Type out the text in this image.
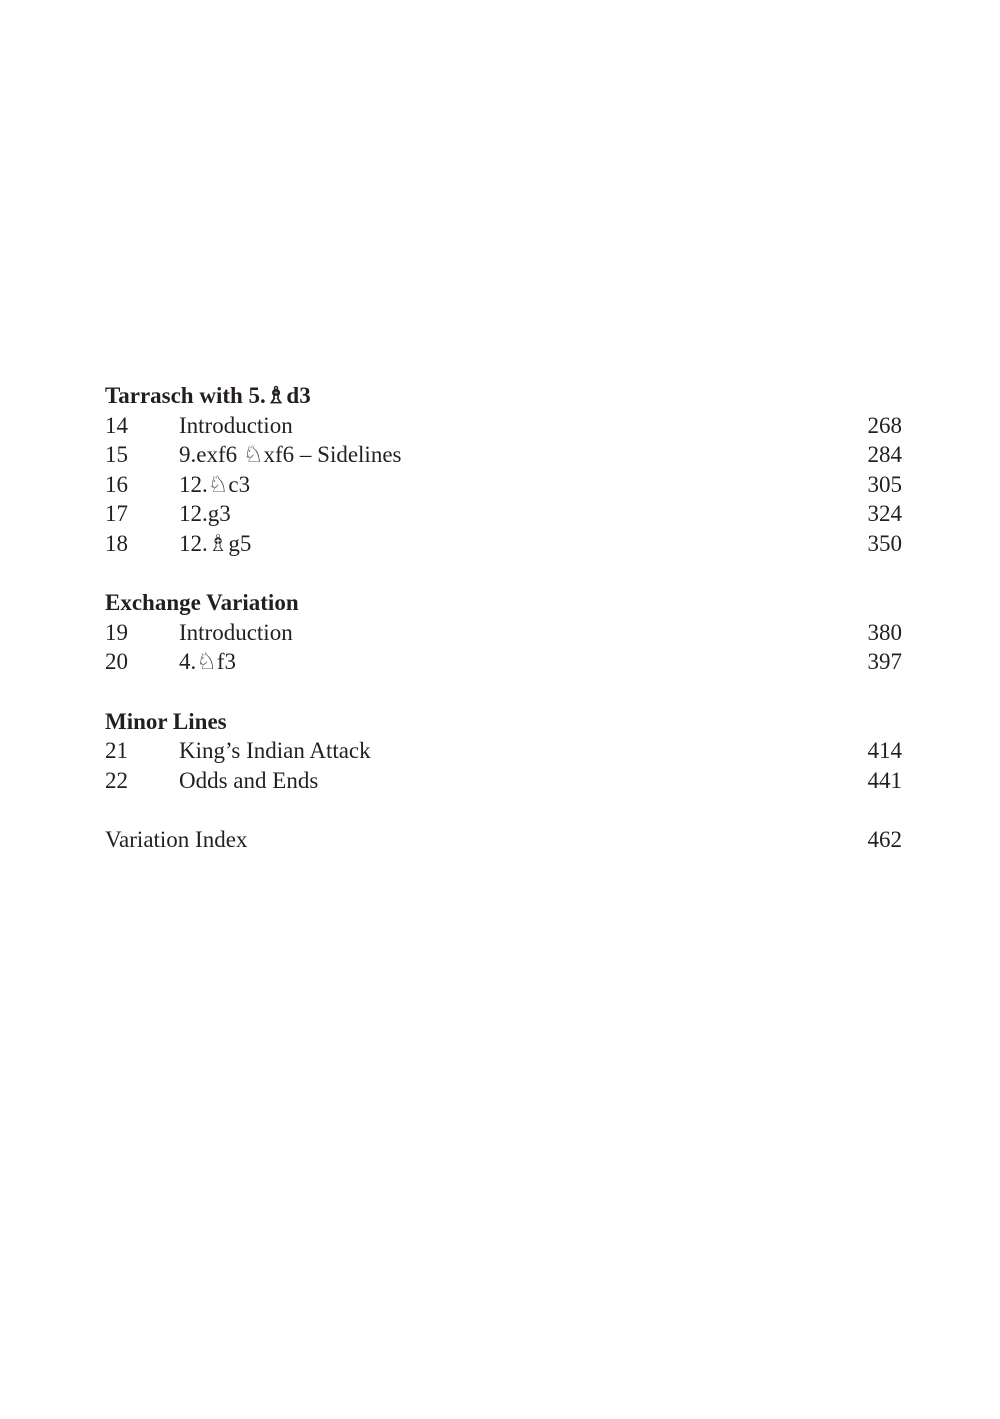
Tarrasch with 5.♗d3
14 Introduction	268
15 9.exf6 ♘xf6 – Sidelines	284
16 12.♘c3	305
17 12.g3	324
18 12.♗g5	350
Exchange Variation
19 Introduction	380
20 4.♘f3	397
Minor Lines
21 King’s Indian Attack	414
22 Odds and Ends	441
Variation Index	462
